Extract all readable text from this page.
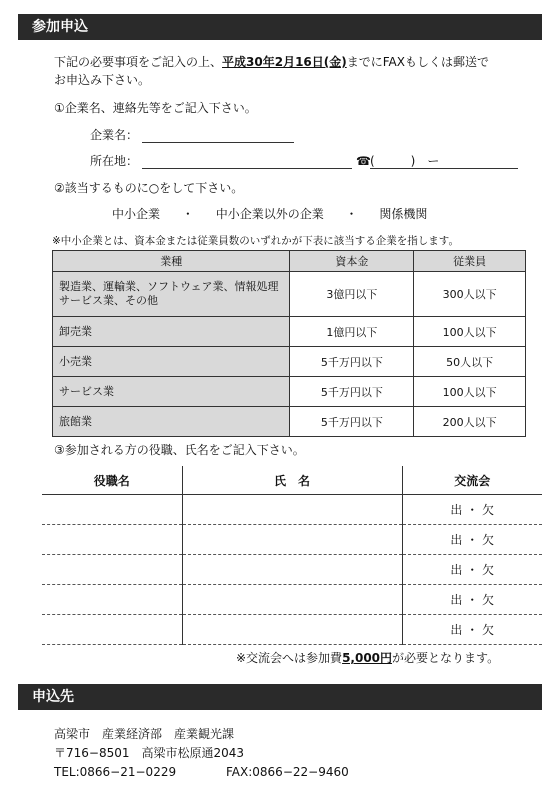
参加申込
下記の必要事項をご記入の上、平成30年2月16日(金)までにFAXもしくは郵送で
お申込み下さい。
①企業名、連絡先等をご記入下さい。
企業名：
所在地：	☎ (　　　)　ー
②該当するものに○をして下さい。
中小企業 ・ 中小企業以外の企業 ・ 関係機関
※中小企業とは、資本金または従業員数のいずれかが下表に該当する企業を指します。
業種	資本金	従業員
製造業、運輸業、ソフトウェア業、情報処理サービス業、その他	3億円以下	300人以下
卸売業	1億円以下	100人以下
小売業	5千万円以下	50人以下
サービス業	5千万円以下	100人以下
旅館業	5千万円以下	200人以下
③参加される方の役職、氏名をご記入下さい。
役職名	氏　名	交流会
		出 ・ 欠
		出 ・ 欠
		出 ・ 欠
		出 ・ 欠
		出 ・ 欠
※交流会へは参加費5,000円が必要となります。
申込先
高梁市　産業経済部　産業観光課
〒716−8501　高梁市松原通2043
TEL:0866−21−0229	FAX:0866−22−9460
